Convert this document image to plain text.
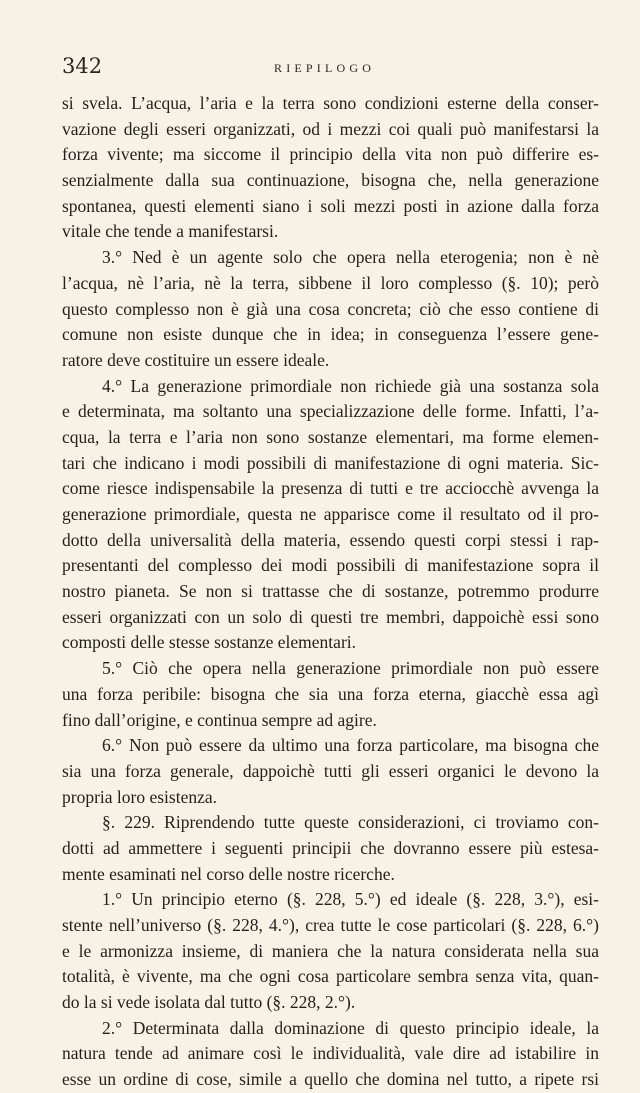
342	RIEPILOGO
si svela. L’acqua, l’aria e la terra sono condizioni esterne della conser-
vazione degli esseri organizzati, od i mezzi coi quali può manifestarsi la
forza vivente; ma siccome il principio della vita non può differire es-
senzialmente dalla sua continuazione, bisogna che, nella generazione
spontanea, questi elementi siano i soli mezzi posti in azione dalla forza
vitale che tende a manifestarsi.
3.° Ned è un agente solo che opera nella eterogenia; non è nè
l’acqua, nè l’aria, nè la terra, sibbene il loro complesso (§. 10); però
questo complesso non è già una cosa concreta; ciò che esso contiene di
comune non esiste dunque che in idea; in conseguenza l’essere gene-
ratore deve costituire un essere ideale.
4.° La generazione primordiale non richiede già una sostanza sola
e determinata, ma soltanto una specializzazione delle forme. Infatti, l’a-
cqua, la terra e l’aria non sono sostanze elementari, ma forme elemen-
tari che indicano i modi possibili di manifestazione di ogni materia. Sic-
come riesce indispensabile la presenza di tutti e tre acciocchè avvenga la
generazione primordiale, questa ne apparisce come il resultato od il pro-
dotto della universalità della materia, essendo questi corpi stessi i rap-
presentanti del complesso dei modi possibili di manifestazione sopra il
nostro pianeta. Se non si trattasse che di sostanze, potremmo produrre
esseri organizzati con un solo di questi tre membri, dappoichè essi sono
composti delle stesse sostanze elementari.
5.° Ciò che opera nella generazione primordiale non può essere
una forza peribile: bisogna che sia una forza eterna, giacchè essa agì
fino dall’origine, e continua sempre ad agire.
6.° Non può essere da ultimo una forza particolare, ma bisogna che
sia una forza generale, dappoichè tutti gli esseri organici le devono la
propria loro esistenza.
§. 229. Riprendendo tutte queste considerazioni, ci troviamo con-
dotti ad ammettere i seguenti principii che dovranno essere più estesa-
mente esaminati nel corso delle nostre ricerche.
1.° Un principio eterno (§. 228, 5.°) ed ideale (§. 228, 3.°), esi-
stente nell’universo (§. 228, 4.°), crea tutte le cose particolari (§. 228, 6.°)
e le armonizza insieme, di maniera che la natura considerata nella sua
totalità, è vivente, ma che ogni cosa particolare sembra senza vita, quan-
do la si vede isolata dal tutto (§. 228, 2.°).
2.° Determinata dalla dominazione di questo principio ideale, la
natura tende ad animare così le individualità, vale dire ad istabilire in
esse un ordine di cose, simile a quello che domina nel tutto, a ripete rsi
